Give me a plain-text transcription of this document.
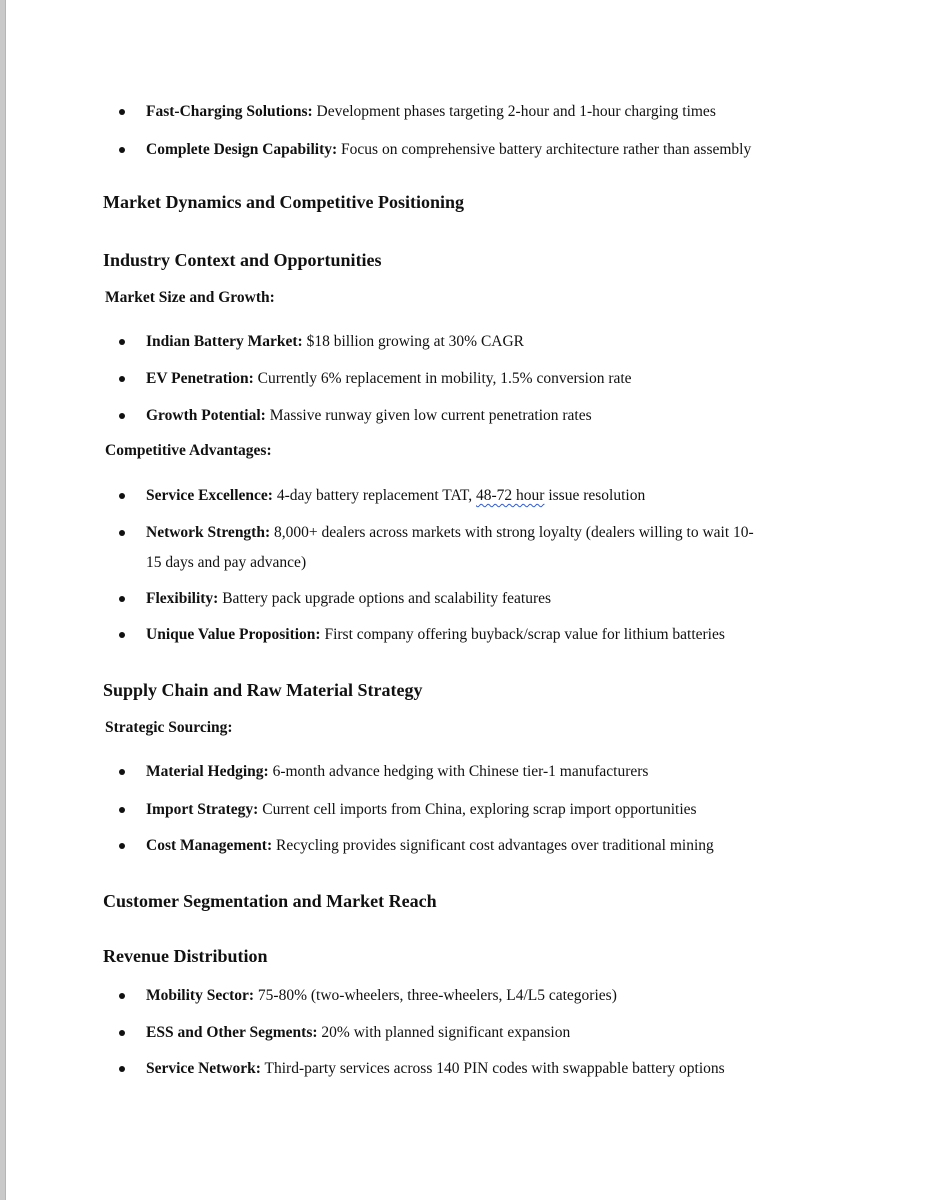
Fast-Charging Solutions: Development phases targeting 2-hour and 1-hour charging times
Complete Design Capability: Focus on comprehensive battery architecture rather than assembly
Market Dynamics and Competitive Positioning
Industry Context and Opportunities
Market Size and Growth:
Indian Battery Market: $18 billion growing at 30% CAGR
EV Penetration: Currently 6% replacement in mobility, 1.5% conversion rate
Growth Potential: Massive runway given low current penetration rates
Competitive Advantages:
Service Excellence: 4-day battery replacement TAT, 48-72 hour issue resolution
Network Strength: 8,000+ dealers across markets with strong loyalty (dealers willing to wait 10-
15 days and pay advance)
Flexibility: Battery pack upgrade options and scalability features
Unique Value Proposition: First company offering buyback/scrap value for lithium batteries
Supply Chain and Raw Material Strategy
Strategic Sourcing:
Material Hedging: 6-month advance hedging with Chinese tier-1 manufacturers
Import Strategy: Current cell imports from China, exploring scrap import opportunities
Cost Management: Recycling provides significant cost advantages over traditional mining
Customer Segmentation and Market Reach
Revenue Distribution
Mobility Sector: 75-80% (two-wheelers, three-wheelers, L4/L5 categories)
ESS and Other Segments: 20% with planned significant expansion
Service Network: Third-party services across 140 PIN codes with swappable battery options
